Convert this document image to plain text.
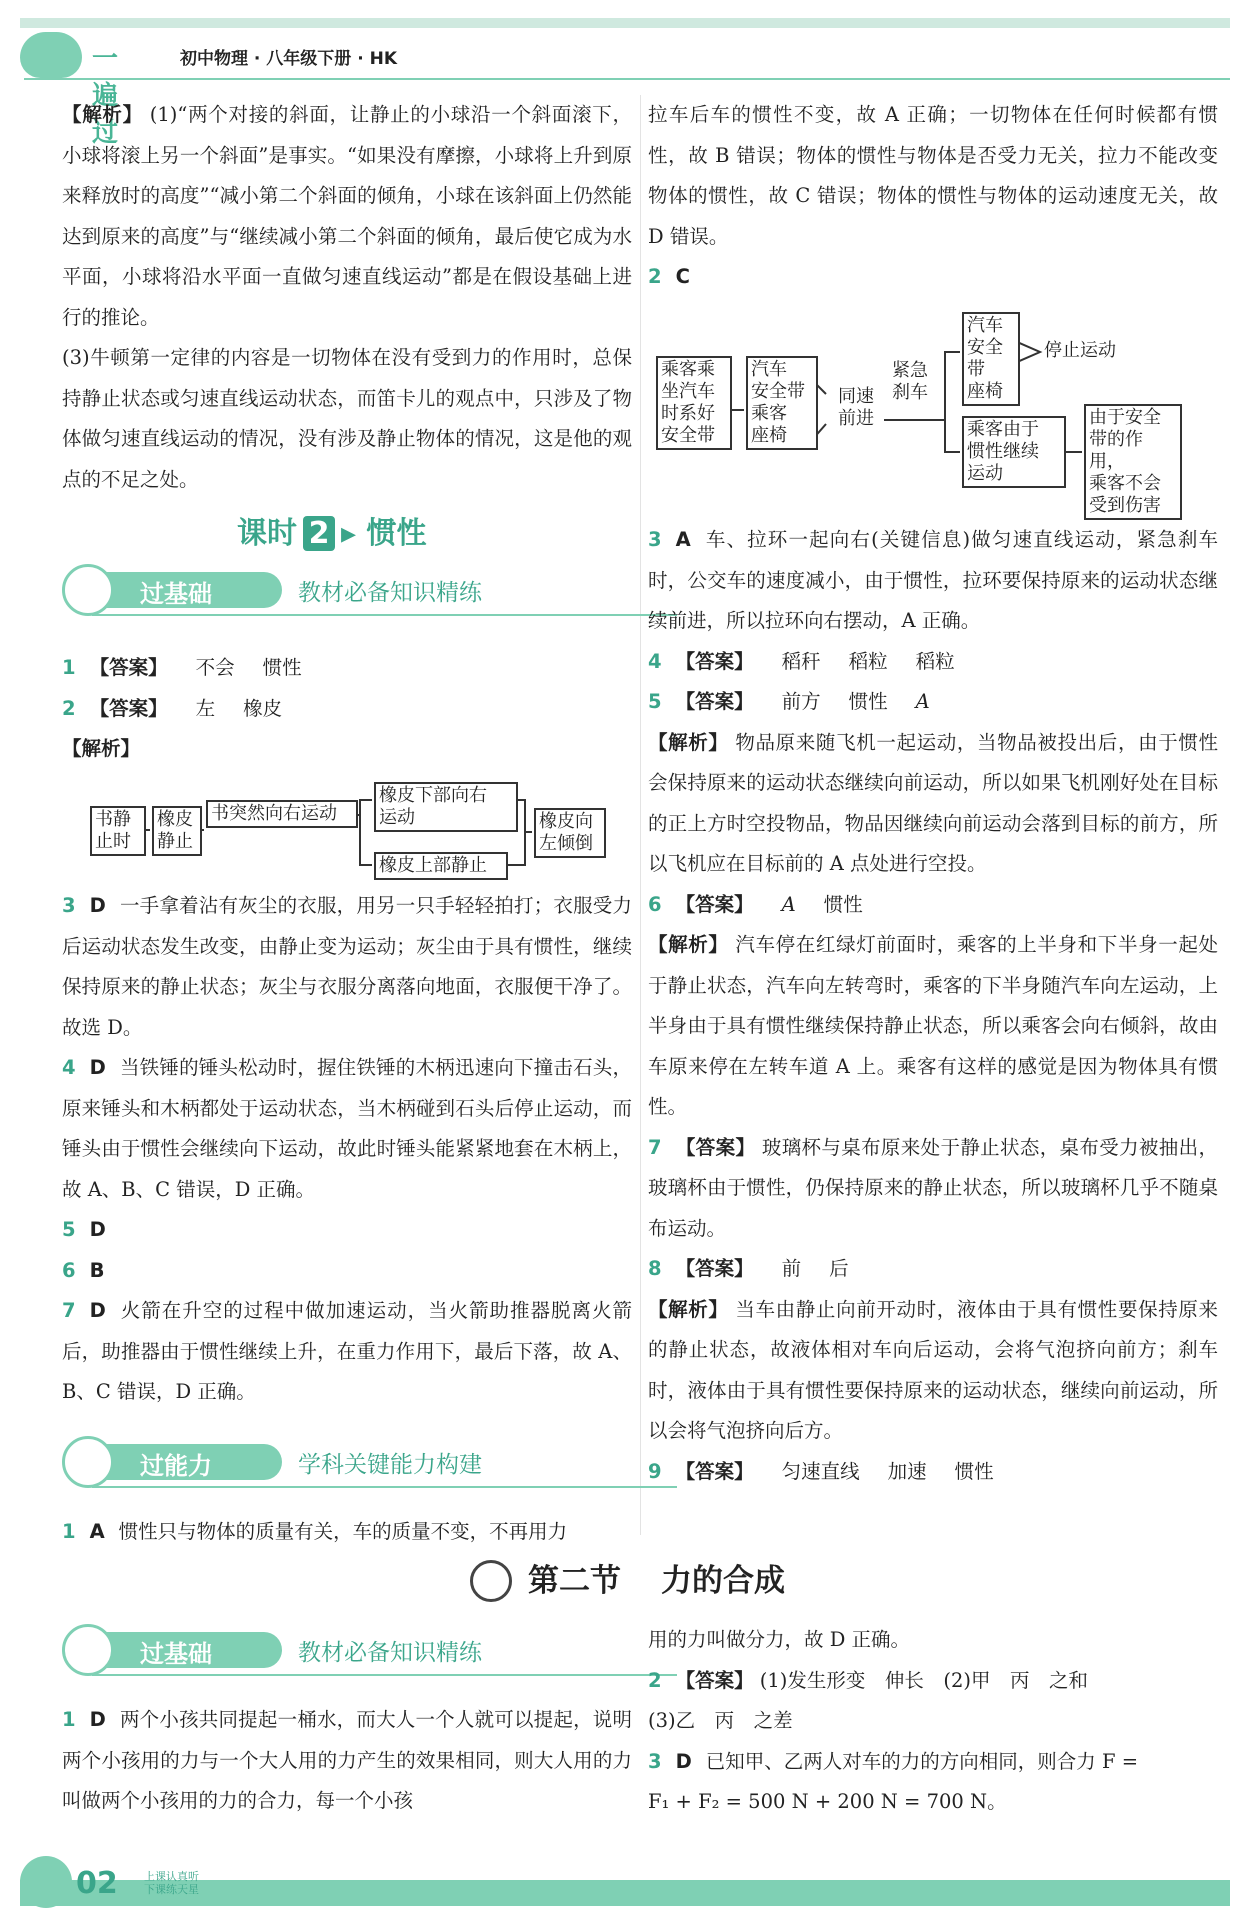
一遍过
初中物理 · 八年级下册 · HK

【解析】 (1)“两个对接的斜面，让静止的小球沿一个斜面滚下，小球将滚上另一个斜面”是事实。“如果没有摩擦，小球将上升到原来释放时的高度”“减小第二个斜面的倾角，小球在该斜面上仍然能达到原来的高度”与“继续减小第二个斜面的倾角，最后使它成为水平面，小球将沿水平面一直做匀速直线运动”都是在假设基础上进行的推论。

(3)牛顿第一定律的内容是一切物体在没有受到力的作用时，总保持静止状态或匀速直线运动状态，而笛卡儿的观点中，只涉及了物体做匀速直线运动的情况，没有涉及静止物体的情况，这是他的观点的不足之处。

课时 2 ▸ 惯性
过基础	教材必备知识精练
1 【答案】 不会 惯性
2 【答案】 左 橡皮
【解析】
书静
止时
橡皮
静止
书突然向右运动
橡皮下部向右
运动
橡皮上部静止
橡皮向
左倾倒

3 D 一手拿着沾有灰尘的衣服，用另一只手轻轻拍打；衣服受力后运动状态发生改变，由静止变为运动；灰尘由于具有惯性，继续保持原来的静止状态；灰尘与衣服分离落向地面，衣服便干净了。故选 D。

4 D 当铁锤的锤头松动时，握住铁锤的木柄迅速向下撞击石头，原来锤头和木柄都处于运动状态，当木柄碰到石头后停止运动，而锤头由于惯性会继续向下运动，故此时锤头能紧紧地套在木柄上，故 A、B、C 错误，D 正确。

5 D
6 B

7 D 火箭在升空的过程中做加速运动，当火箭助推器脱离火箭后，助推器由于惯性继续上升，在重力作用下，最后下落，故 A、B、C 错误，D 正确。

过能力	学科关键能力构建
1 A 惯性只与物体的质量有关，车的质量不变，不再用力

拉车后车的惯性不变，故 A 正确；一切物体在任何时候都有惯性，故 B 错误；物体的惯性与物体是否受力无关，拉力不能改变物体的惯性，故 C 错误；物体的惯性与物体的运动速度无关，故 D 错误。

2 C
乘客乘
坐汽车
时系好
安全带
汽车
安全带
乘客
座椅
同速
前进
紧急
刹车
汽车
安全带
座椅
停止运动
乘客由于
惯性继续
运动
由于安全
带的作用，
乘客不会
受到伤害

3 A 车、拉环一起向右(关键信息)做匀速直线运动，紧急刹车时，公交车的速度减小，由于惯性，拉环要保持原来的运动状态继续前进，所以拉环向右摆动，A 正确。

4 【答案】 稻秆 稻粒 稻粒
5 【答案】 前方 惯性 A

【解析】 物品原来随飞机一起运动，当物品被投出后，由于惯性会保持原来的运动状态继续向前运动，所以如果飞机刚好处在目标的正上方时空投物品，物品因继续向前运动会落到目标的前方，所以飞机应在目标前的 A 点处进行空投。

6 【答案】 A 惯性

【解析】 汽车停在红绿灯前面时，乘客的上半身和下半身一起处于静止状态，汽车向左转弯时，乘客的下半身随汽车向左运动，上半身由于具有惯性继续保持静止状态，所以乘客会向右倾斜，故由车原来停在左转车道 A 上。乘客有这样的感觉是因为物体具有惯性。

7 【答案】 玻璃杯与桌布原来处于静止状态，桌布受力被抽出，玻璃杯由于惯性，仍保持原来的静止状态，所以玻璃杯几乎不随桌布运动。

8 【答案】 前 后

【解析】 当车由静止向前开动时，液体由于具有惯性要保持原来的静止状态，故液体相对车向后运动，会将气泡挤向前方；刹车时，液体由于具有惯性要保持原来的运动状态，继续向前运动，所以会将气泡挤向后方。

9 【答案】 匀速直线 加速 惯性
第二节 力的合成
过基础	教材必备知识精练

1 D 两个小孩共同提起一桶水，而大人一个人就可以提起，说明两个小孩用的力与一个大人用的力产生的效果相同，则大人用的力叫做两个小孩用的力的合力，每一个小孩

用的力叫做分力，故 D 正确。
2 【答案】 (1)发生形变　伸长　(2)甲　丙　之和
(3)乙　丙　之差
3 D 已知甲、乙两人对车的力的方向相同，则合力 F =
F₁ + F₂ = 500 N + 200 N = 700 N。
02 上课认真听
下课练天星
